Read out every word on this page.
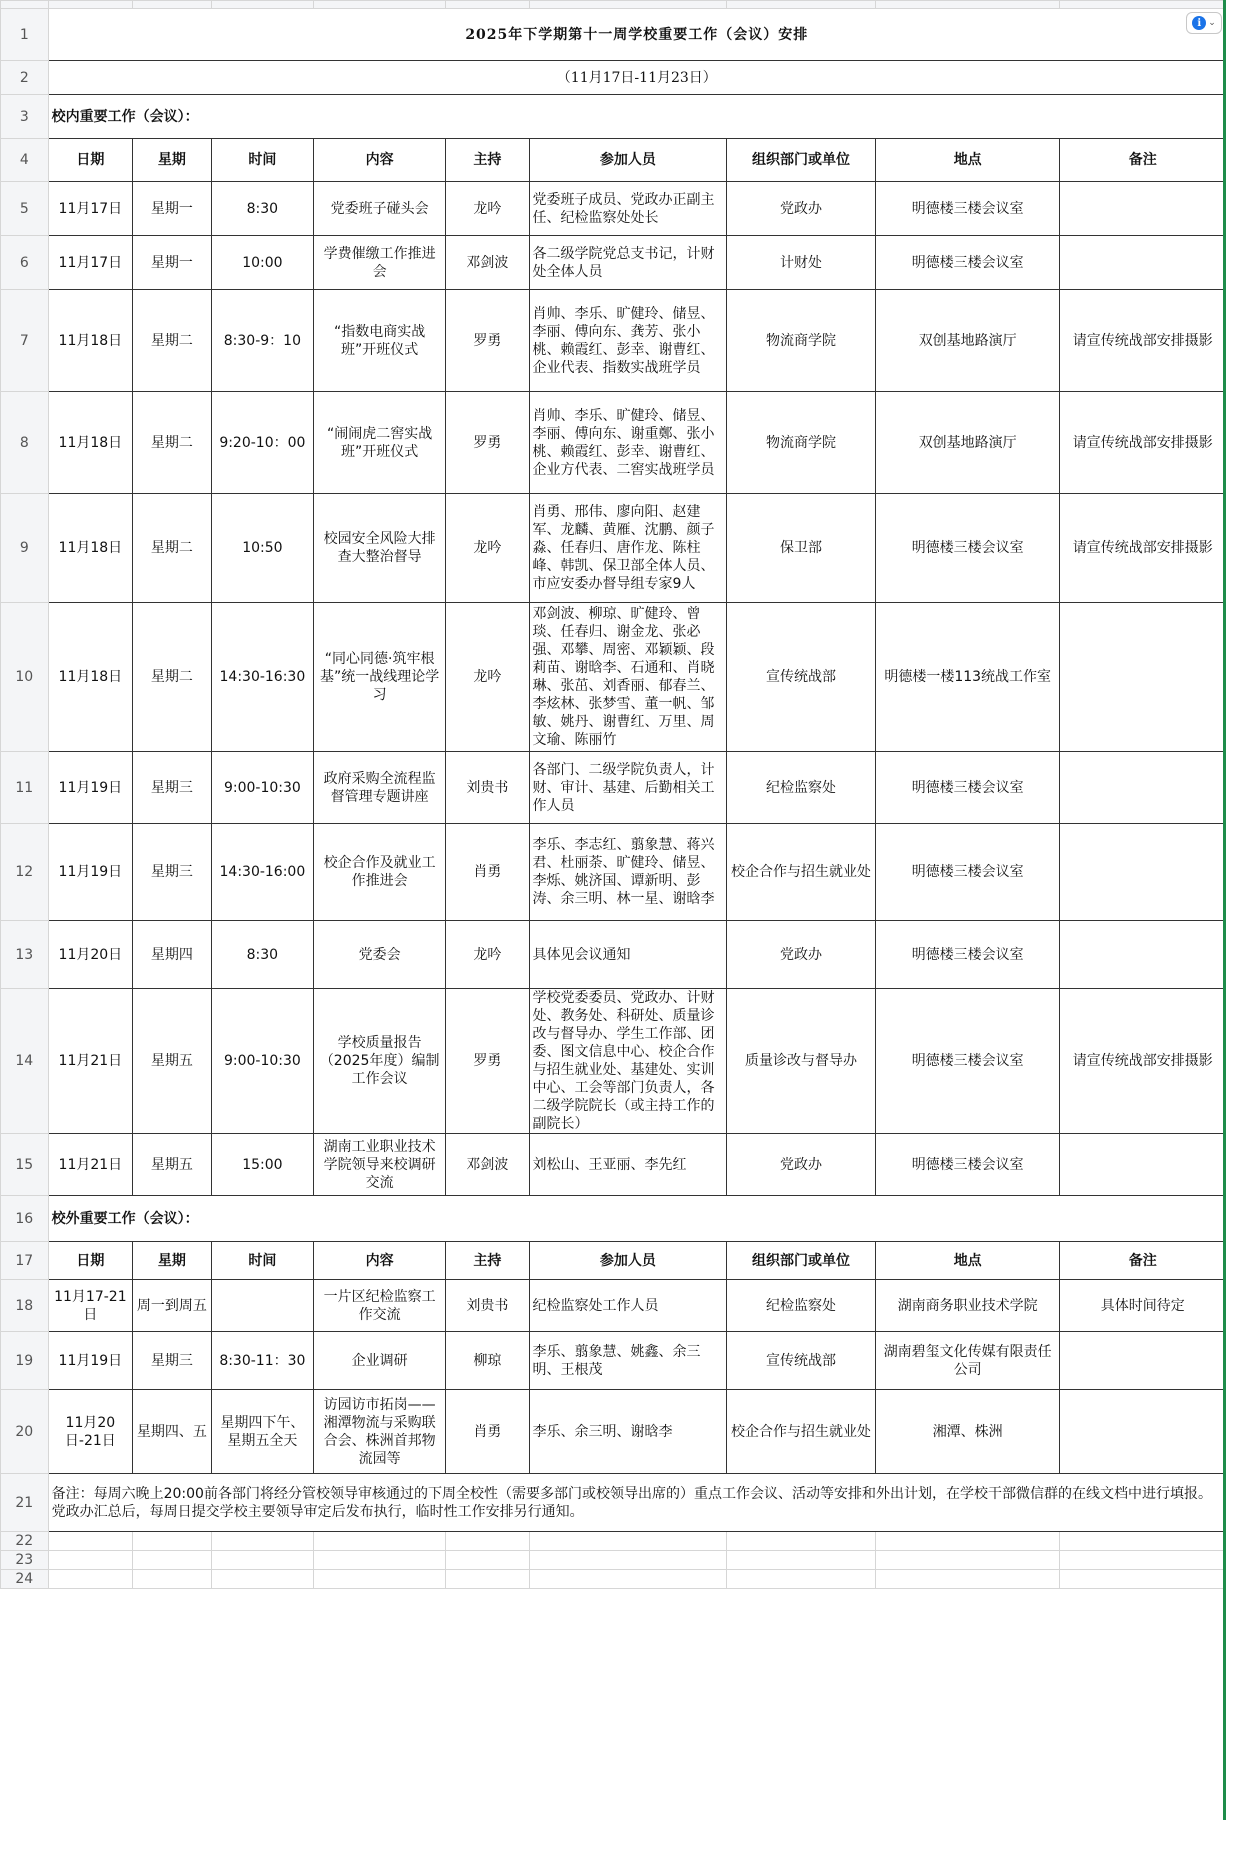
1	2025年下学期第十一周学校重要工作（会议）安排								
2	（11月17日-11月23日）								
3	校内重要工作（会议）：								
4	日期	星期	时间	内容	主持	参加人员	组织部门或单位	地点	备注
5	11月17日	星期一	8:30	党委班子碰头会	龙吟	党委班子成员、党政办正副主任、纪检监察处处长	党政办	明德楼三楼会议室	
6	11月17日	星期一	10:00	学费催缴工作推进会	邓剑波	各二级学院党总支书记，计财处全体人员	计财处	明德楼三楼会议室	
7	11月18日	星期二	8:30-9：10	“指数电商实战班”开班仪式	罗勇	肖帅、李乐、旷健玲、储昱、李丽、傅向东、龚芳、张小桃、赖霞红、彭幸、谢曹红、企业代表、指数实战班学员	物流商学院	双创基地路演厅	请宣传统战部安排摄影
8	11月18日	星期二	9:20-10：00	“闹闹虎二窖实战班”开班仪式	罗勇	肖帅、李乐、旷健玲、储昱、李丽、傅向东、谢重鄭、张小桃、赖霞红、彭幸、谢曹红、企业方代表、二窖实战班学员	物流商学院	双创基地路演厅	请宣传统战部安排摄影
9	11月18日	星期二	10:50	校园安全风险大排查大整治督导	龙吟	肖勇、邢伟、廖向阳、赵建军、龙麟、黄雁、沈鹏、颜子淼、任春归、唐作龙、陈柱峰、韩凯、保卫部全体人员、市应安委办督导组专家9人	保卫部	明德楼三楼会议室	请宣传统战部安排摄影
10	11月18日	星期二	14:30-16:30	“同心同德·筑牢根基”统一战线理论学习	龙吟	邓剑波、柳琼、旷健玲、曾琰、任春归、谢金龙、张必强、邓攀、周密、邓颖颖、段莉苗、谢晗李、石通和、肖晓琳、张茁、刘香丽、郁春兰、李炫林、张梦雪、董一帆、邹敏、姚丹、谢曹红、万里、周文瑜、陈丽竹	宣传统战部	明德楼一楼113统战工作室	
11	11月19日	星期三	9:00-10:30	政府采购全流程监督管理专题讲座	刘贵书	各部门、二级学院负责人，计财、审计、基建、后勤相关工作人员	纪检监察处	明德楼三楼会议室	
12	11月19日	星期三	14:30-16:00	校企合作及就业工作推进会	肖勇	李乐、李志红、翦象慧、蒋兴君、杜丽荼、旷健玲、储昱、李烁、姚济国、谭新明、彭涛、余三明、林一星、谢晗李	校企合作与招生就业处	明德楼三楼会议室	
13	11月20日	星期四	8:30	党委会	龙吟	具体见会议通知	党政办	明德楼三楼会议室	
14	11月21日	星期五	9:00-10:30	学校质量报告（2025年度）编制工作会议	罗勇	学校党委委员、党政办、计财处、教务处、科研处、质量诊改与督导办、学生工作部、团委、图文信息中心、校企合作与招生就业处、基建处、实训中心、工会等部门负责人，各二级学院院长（或主持工作的副院长）	质量诊改与督导办	明德楼三楼会议室	请宣传统战部安排摄影
15	11月21日	星期五	15:00	湖南工业职业技术学院领导来校调研交流	邓剑波	刘松山、王亚丽、李先红	党政办	明德楼三楼会议室	
16	校外重要工作（会议）：								
17	日期	星期	时间	内容	主持	参加人员	组织部门或单位	地点	备注
18	11月17-21日	周一到周五		一片区纪检监察工作交流	刘贵书	纪检监察处工作人员	纪检监察处	湖南商务职业技术学院	具体时间待定
19	11月19日	星期三	8:30-11：30	企业调研	柳琼	李乐、翦象慧、姚鑫、余三明、王根茂	宣传统战部	湖南碧玺文化传媒有限责任公司	
20	11月20日-21日	星期四、五	星期四下午、星期五全天	访园访市拓岗——湘潭物流与采购联合会、株洲首邦物流园等	肖勇	李乐、余三明、谢晗李	校企合作与招生就业处	湘潭、株洲	
21	备注：每周六晚上20:00前各部门将经分管校领导审核通过的下周全校性（需要多部门或校领导出席的）重点工作会议、活动等安排和外出计划，在学校干部微信群的在线文档中进行填报。党政办汇总后，每周日提交学校主要领导审定后发布执行，临时性工作安排另行通知。								
22									
23									
24									
i ⌄
